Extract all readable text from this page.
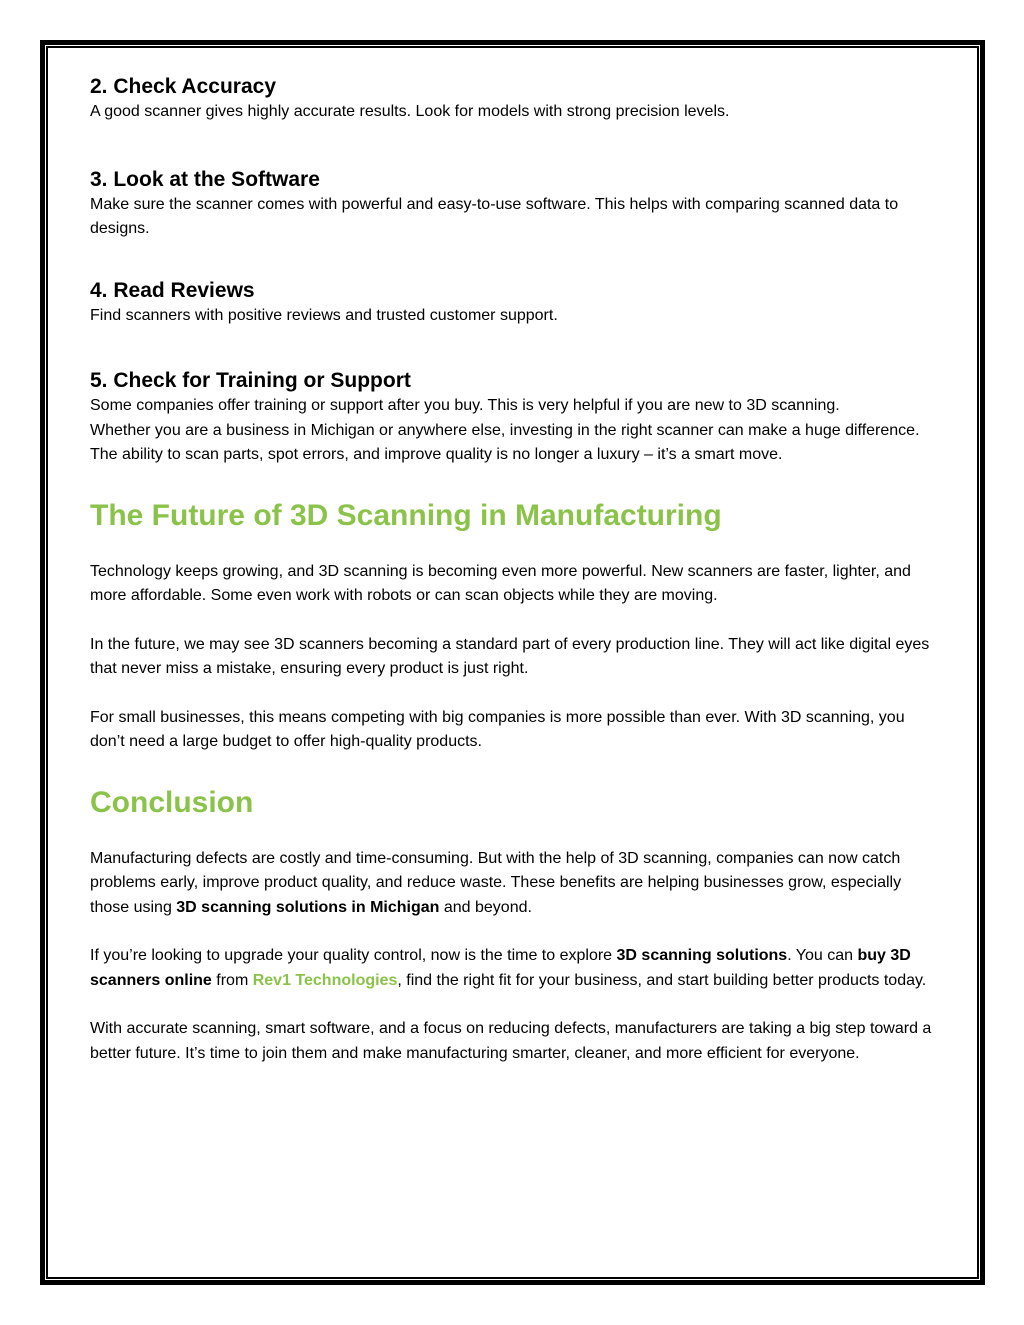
2. Check Accuracy

A good scanner gives highly accurate results. Look for models with strong precision levels.

3. Look at the Software

Make sure the scanner comes with powerful and easy-to-use software. This helps with comparing scanned data to designs.

4. Read Reviews

Find scanners with positive reviews and trusted customer support.

5. Check for Training or Support

Some companies offer training or support after you buy. This is very helpful if you are new to 3D scanning.

Whether you are a business in Michigan or anywhere else, investing in the right scanner can make a huge difference. The ability to scan parts, spot errors, and improve quality is no longer a luxury – it’s a smart move.

The Future of 3D Scanning in Manufacturing

Technology keeps growing, and 3D scanning is becoming even more powerful. New scanners are faster, lighter, and more affordable. Some even work with robots or can scan objects while they are moving.

In the future, we may see 3D scanners becoming a standard part of every production line. They will act like digital eyes that never miss a mistake, ensuring every product is just right.

For small businesses, this means competing with big companies is more possible than ever. With 3D scanning, you don’t need a large budget to offer high-quality products.

Conclusion

Manufacturing defects are costly and time-consuming. But with the help of 3D scanning, companies can now catch problems early, improve product quality, and reduce waste. These benefits are helping businesses grow, especially those using 3D scanning solutions in Michigan and beyond.

If you’re looking to upgrade your quality control, now is the time to explore 3D scanning solutions. You can buy 3D scanners online from Rev1 Technologies, find the right fit for your business, and start building better products today.

With accurate scanning, smart software, and a focus on reducing defects, manufacturers are taking a big step toward a better future. It’s time to join them and make manufacturing smarter, cleaner, and more efficient for everyone.
